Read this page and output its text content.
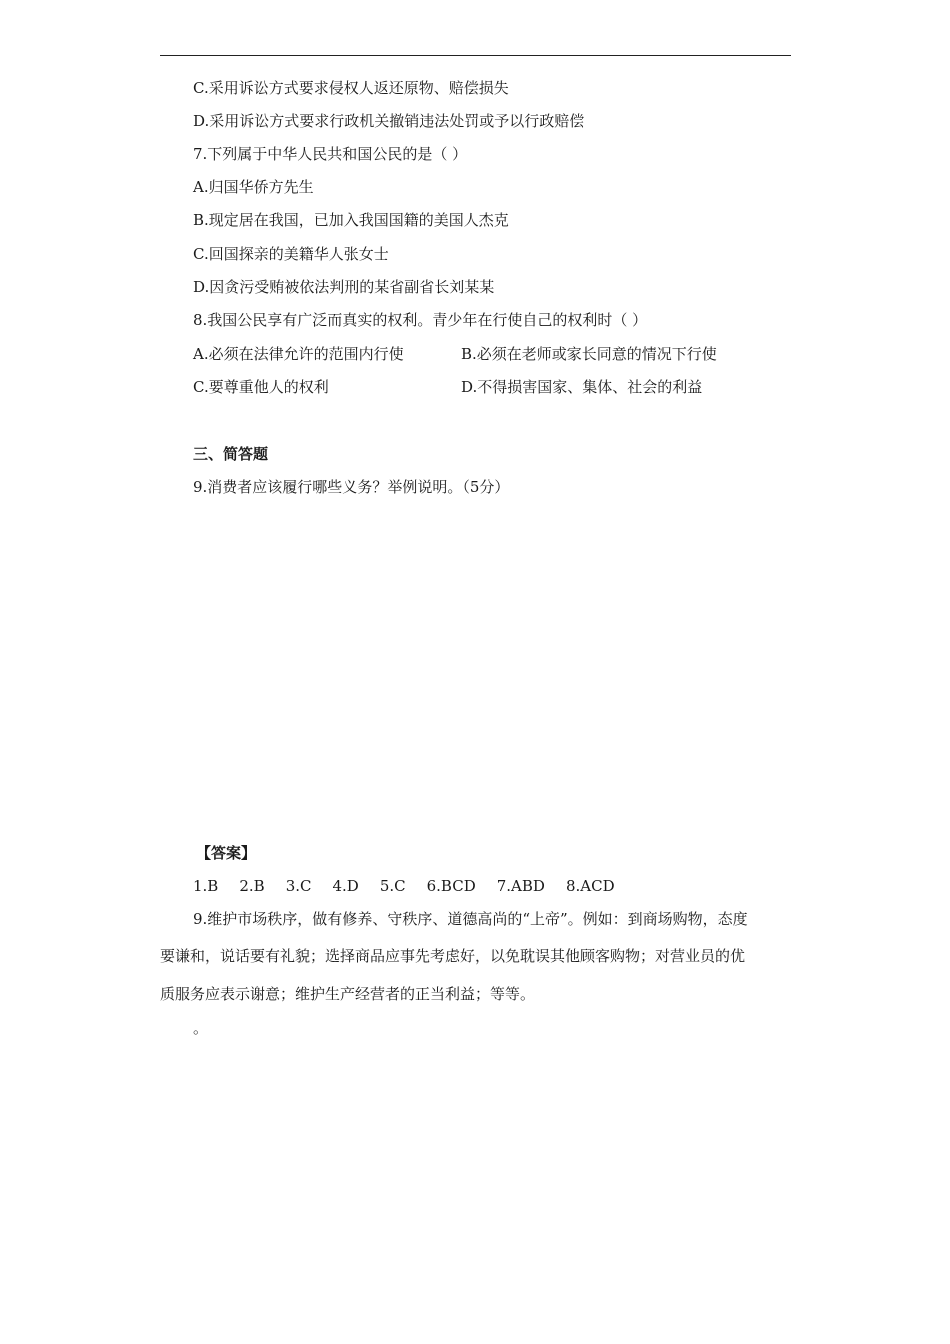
C.采用诉讼方式要求侵权人返还原物、赔偿损失
D.采用诉讼方式要求行政机关撤销违法处罚或予以行政赔偿
7.下列属于中华人民共和国公民的是（ ）
A.归国华侨方先生
B.现定居在我国，已加入我国国籍的美国人杰克
C.回国探亲的美籍华人张女士
D.因贪污受贿被依法判刑的某省副省长刘某某
8.我国公民享有广泛而真实的权利。青少年在行使自己的权利时（ ）
A.必须在法律允许的范围内行使	B.必须在老师或家长同意的情况下行使
C.要尊重他人的权利	D.不得损害国家、集体、社会的利益
三、简答题
9.消费者应该履行哪些义务？举例说明。（5分）
【答案】
1.B 2.B 3.C 4.D 5.C 6.BCD 7.ABD 8.ACD
9.维护市场秩序，做有修养、守秩序、道德高尚的“上帝”。例如：到商场购物，态度
要谦和，说话要有礼貌；选择商品应事先考虑好，以免耽误其他顾客购物；对营业员的优
质服务应表示谢意；维护生产经营者的正当利益；等等。
。
